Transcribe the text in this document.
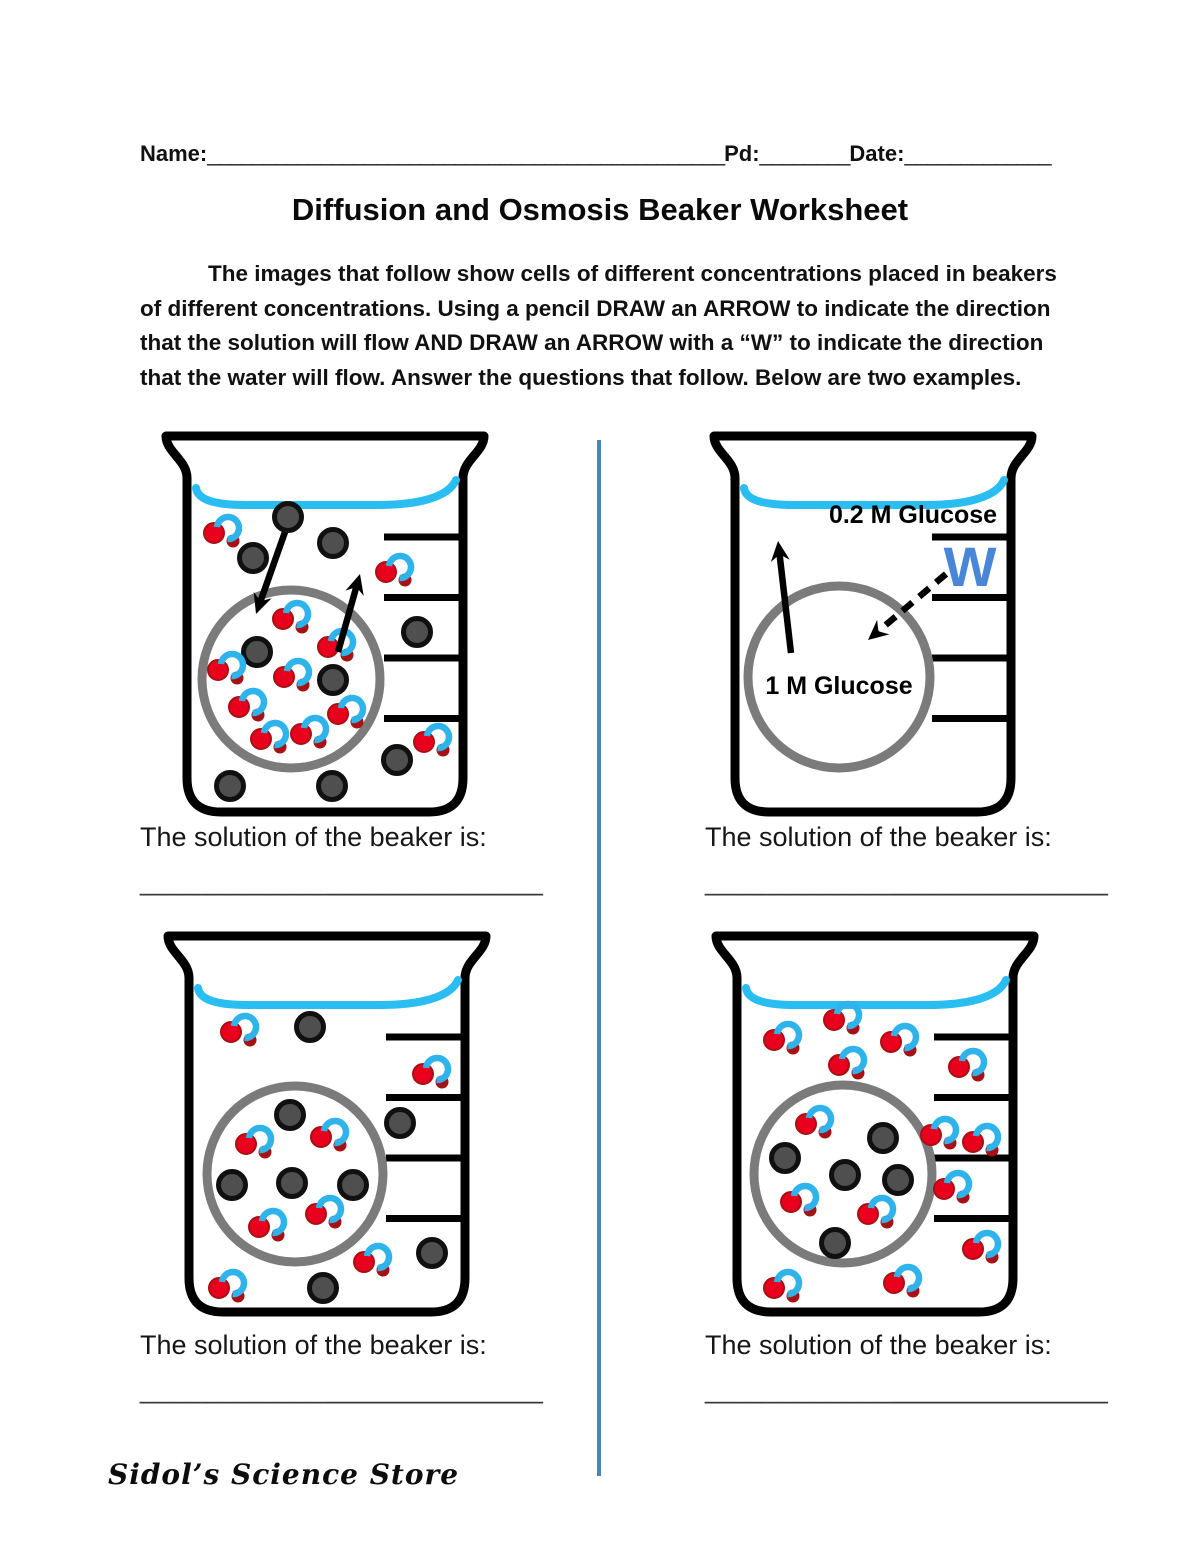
Name:______________________________________________Pd:________Date:_____________
Diffusion and Osmosis Beaker Worksheet

The images that follow show cells of different concentrations placed in beakers of different concentrations. Using a pencil DRAW an ARROW to indicate the direction that the solution will flow AND DRAW an ARROW with a “W” to indicate the direction that the water will flow. Answer the questions that follow. Below are two examples.

0.2 M Glucose
W
1 M Glucose
The solution of the beaker is:	The solution of the beaker is:
The solution of the beaker is:	The solution of the beaker is:
__________________________	__________________________
__________________________	__________________________
Sidol’s Science Store
